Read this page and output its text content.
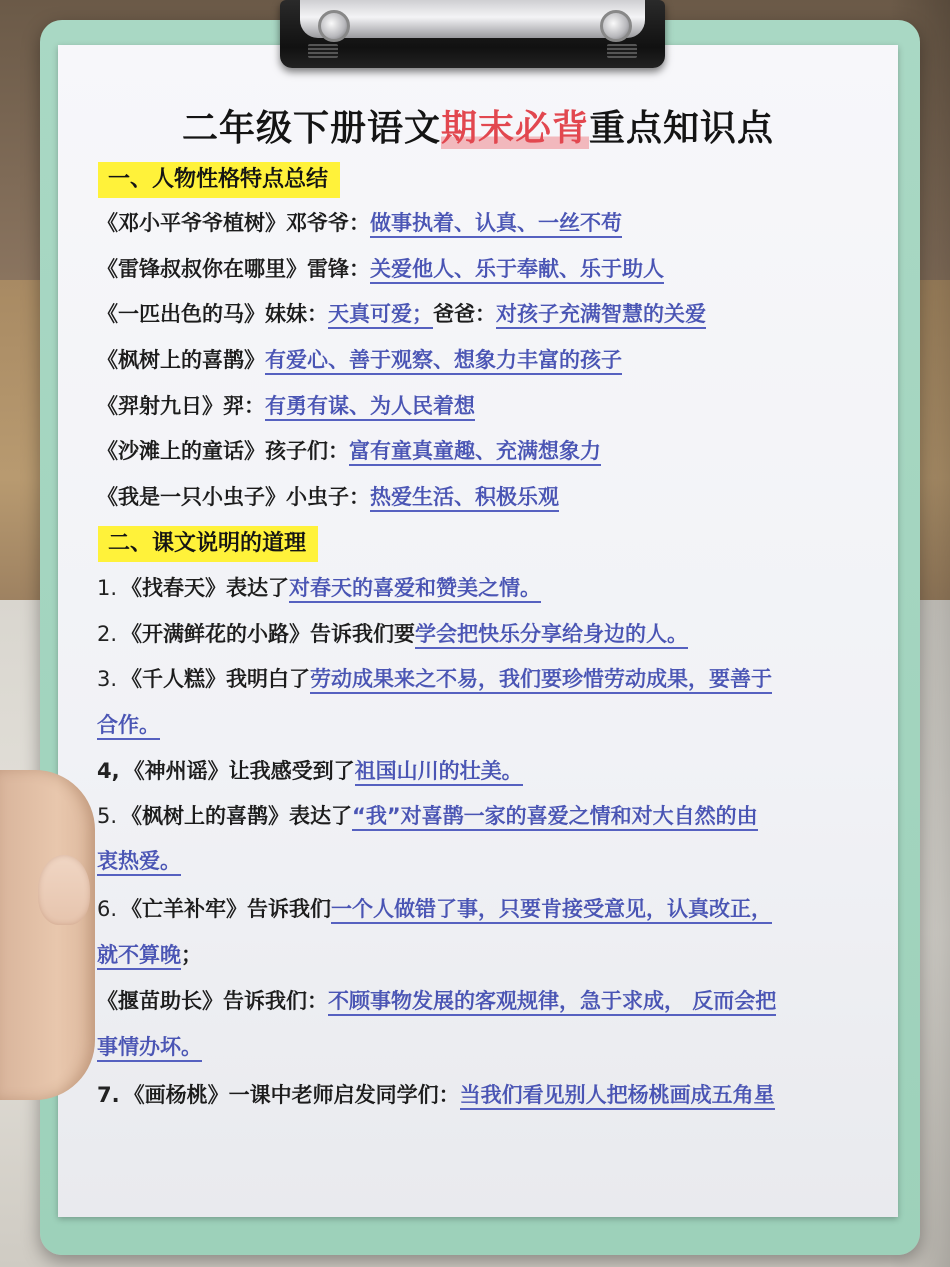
二年级下册语文期末必背重点知识点
一、人物性格特点总结
《邓小平爷爷植树》邓爷爷：做事执着、认真、一丝不苟
《雷锋叔叔你在哪里》雷锋：关爱他人、乐于奉献、乐于助人
《一匹出色的马》妹妹：天真可爱；爸爸：对孩子充满智慧的关爱
《枫树上的喜鹊》有爱心、善于观察、想象力丰富的孩子
《羿射九日》羿：有勇有谋、为人民着想
《沙滩上的童话》孩子们：富有童真童趣、充满想象力
《我是一只小虫子》小虫子：热爱生活、积极乐观
二、课文说明的道理
1. 《找春天》表达了对春天的喜爱和赞美之情。
2. 《开满鲜花的小路》告诉我们要学会把快乐分享给身边的人。
3. 《千人糕》我明白了劳动成果来之不易，我们要珍惜劳动成果，要善于
合作。
4, 《神州谣》让我感受到了祖国山川的壮美。
5. 《枫树上的喜鹊》表达了“我”对喜鹊一家的喜爱之情和对大自然的由
衷热爱。
6. 《亡羊补牢》告诉我们一个人做错了事，只要肯接受意见，认真改正，
就不算晚；
《揠苗助长》告诉我们：不顾事物发展的客观规律，急于求成， 反而会把
事情办坏。
7. 《画杨桃》一课中老师启发同学们：当我们看见别人把杨桃画成五角星
